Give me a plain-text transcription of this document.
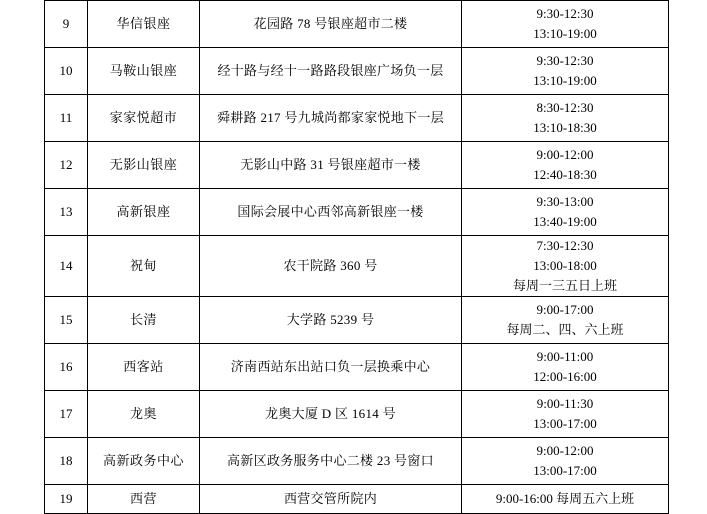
9	华信银座	花园路 78 号银座超市二楼	9:30-12:30
13:10-19:00

10	马鞍山银座	经十路与经十一路路段银座广场负一层	9:30-12:30
13:10-19:00

11	家家悦超市	舜耕路 217 号九城尚都家家悦地下一层	8:30-12:30
13:10-18:30

12	无影山银座	无影山中路 31 号银座超市一楼	9:00-12:00
12:40-18:30

13	高新银座	国际会展中心西邻高新银座一楼	9:30-13:00
13:40-19:00

14	祝甸	农干院路 360 号	7:30-12:30
13:00-18:00
每周一三五日上班

15	长清	大学路 5239 号	9:00-17:00
每周二、四、六上班

16	西客站	济南西站东出站口负一层换乘中心	9:00-11:00
12:00-16:00

17	龙奥	龙奥大厦 D 区 1614 号	9:00-11:30
13:00-17:00

18	高新政务中心	高新区政务服务中心二楼 23 号窗口	9:00-12:00
13:00-17:00

19	西营	西营交管所院内	9:00-16:00 每周五六上班
